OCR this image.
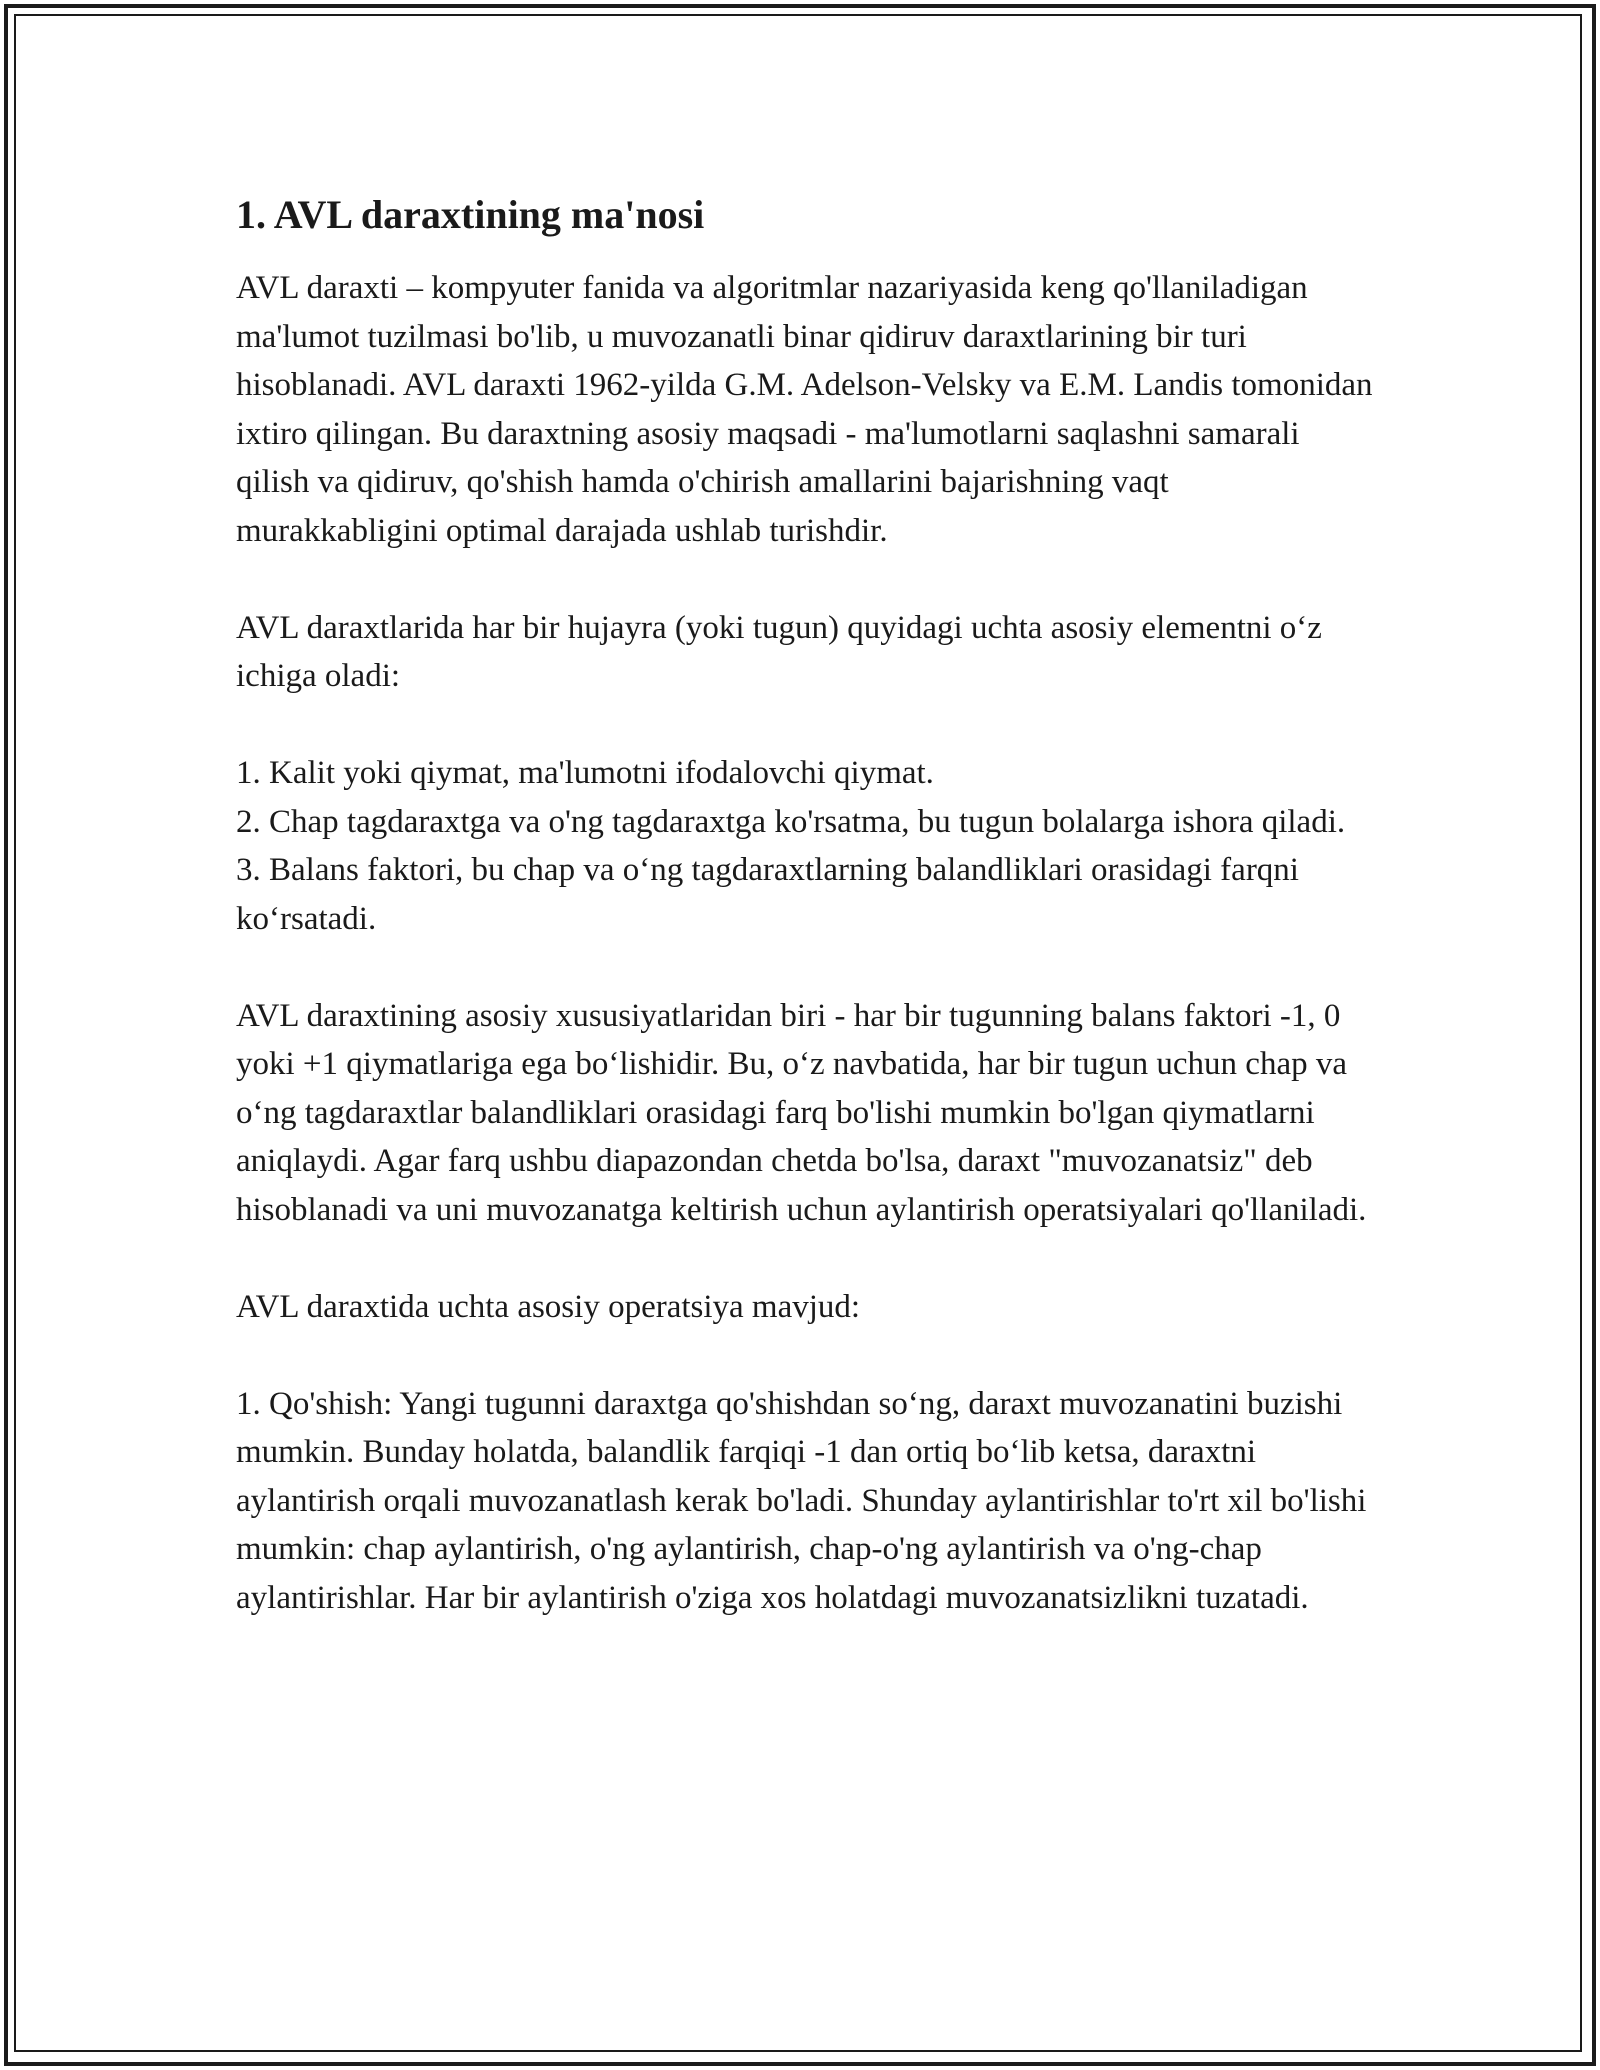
1. AVL daraxtining ma'nosi

AVL daraxti – kompyuter fanida va algoritmlar nazariyasida keng qo'llaniladigan ma'lumot tuzilmasi bo'lib, u muvozanatli binar qidiruv daraxtlarining bir turi hisoblanadi. AVL daraxti 1962-yilda G.M. Adelson-Velsky va E.M. Landis tomonidan ixtiro qilingan. Bu daraxtning asosiy maqsadi - ma'lumotlarni saqlashni samarali qilish va qidiruv, qo'shish hamda o'chirish amallarini bajarishning vaqt murakkabligini optimal darajada ushlab turishdir.

AVL daraxtlarida har bir hujayra (yoki tugun) quyidagi uchta asosiy elementni o‘z ichiga oladi:

1. Kalit yoki qiymat, ma'lumotni ifodalovchi qiymat.
2. Chap tagdaraxtga va o'ng tagdaraxtga ko'rsatma, bu tugun bolalarga ishora qiladi.
3. Balans faktori, bu chap va o‘ng tagdaraxtlarning balandliklari orasidagi farqni ko‘rsatadi.

AVL daraxtining asosiy xususiyatlaridan biri - har bir tugunning balans faktori -1, 0 yoki +1 qiymatlariga ega bo‘lishidir. Bu, o‘z navbatida, har bir tugun uchun chap va o‘ng tagdaraxtlar balandliklari orasidagi farq bo'lishi mumkin bo'lgan qiymatlarni aniqlaydi. Agar farq ushbu diapazondan chetda bo'lsa, daraxt "muvozanatsiz" deb hisoblanadi va uni muvozanatga keltirish uchun aylantirish operatsiyalari qo'llaniladi.

AVL daraxtida uchta asosiy operatsiya mavjud:

1. Qo'shish: Yangi tugunni daraxtga qo'shishdan so‘ng, daraxt muvozanatini buzishi mumkin. Bunday holatda, balandlik farqiqi -1 dan ortiq bo‘lib ketsa, daraxtni aylantirish orqali muvozanatlash kerak bo'ladi. Shunday aylantirishlar to'rt xil bo'lishi mumkin: chap aylantirish, o'ng aylantirish, chap-o'ng aylantirish va o'ng-chap aylantirishlar. Har bir aylantirish o'ziga xos holatdagi muvozanatsizlikni tuzatadi.
